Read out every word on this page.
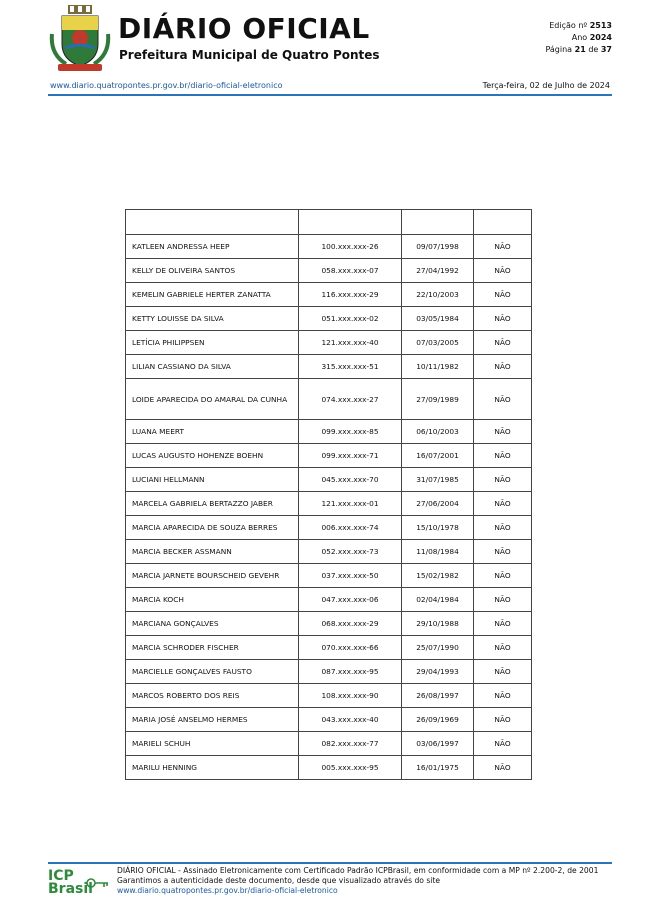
DIÁRIO OFICIAL
Prefeitura Municipal de Quatro Pontes
Edição nº 2513
Ano 2024
Página 21 de 37
www.diario.quatropontes.pr.gov.br/diario-oficial-eletronico	Terça-feira, 02 de Julho de 2024

KATLEEN ANDRESSA HEEP	100.xxx.xxx-26	09/07/1998	NÃO
KELLY DE OLIVEIRA SANTOS	058.xxx.xxx-07	27/04/1992	NÃO
KEMELIN GABRIELE HERTER ZANATTA	116.xxx.xxx-29	22/10/2003	NÃO
KETTY LOUISSE DA SILVA	051.xxx.xxx-02	03/05/1984	NÃO
LETÍCIA PHILIPPSEN	121.xxx.xxx-40	07/03/2005	NÃO
LILIAN CASSIANO DA SILVA	315.xxx.xxx-51	10/11/1982	NÃO

LOIDE APARECIDA DO AMARAL DA CUNHA	074.xxx.xxx-27	27/09/1989	NÃO
LUANA MEERT	099.xxx.xxx-85	06/10/2003	NÃO
LUCAS AUGUSTO HOHENZE BOEHN	099.xxx.xxx-71	16/07/2001	NÃO
LUCIANI HELLMANN	045.xxx.xxx-70	31/07/1985	NÃO
MARCELA GABRIELA BERTAZZO JABER	121.xxx.xxx-01	27/06/2004	NÃO
MARCIA APARECIDA DE SOUZA BERRES	006.xxx.xxx-74	15/10/1978	NÃO
MARCIA BECKER ASSMANN	052.xxx.xxx-73	11/08/1984	NÃO
MARCIA JARNETE BOURSCHEID GEVEHR	037.xxx.xxx-50	15/02/1982	NÃO
MARCIA KOCH	047.xxx.xxx-06	02/04/1984	NÃO
MARCIANA GONÇALVES	068.xxx.xxx-29	29/10/1988	NÃO
MARCIA SCHRODER FISCHER	070.xxx.xxx-66	25/07/1990	NÃO
MARCIELLE GONÇALVES FAUSTO	087.xxx.xxx-95	29/04/1993	NÃO
MARCOS ROBERTO DOS REIS	108.xxx.xxx-90	26/08/1997	NÃO
MARIA JOSÉ ANSELMO HERMES	043.xxx.xxx-40	26/09/1969	NÃO
MARIELI SCHUH	082.xxx.xxx-77	03/06/1997	NÃO
MARILU HENNING	005.xxx.xxx-95	16/01/1975	NÃO
ICP
Brasil
DIÁRIO OFICIAL - Assinado Eletronicamente com Certificado Padrão ICPBrasil, em conformidade com a MP nº 2.200-2, de 2001
Garantimos a autenticidade deste documento, desde que visualizado através do site
www.diario.quatropontes.pr.gov.br/diario-oficial-eletronico
